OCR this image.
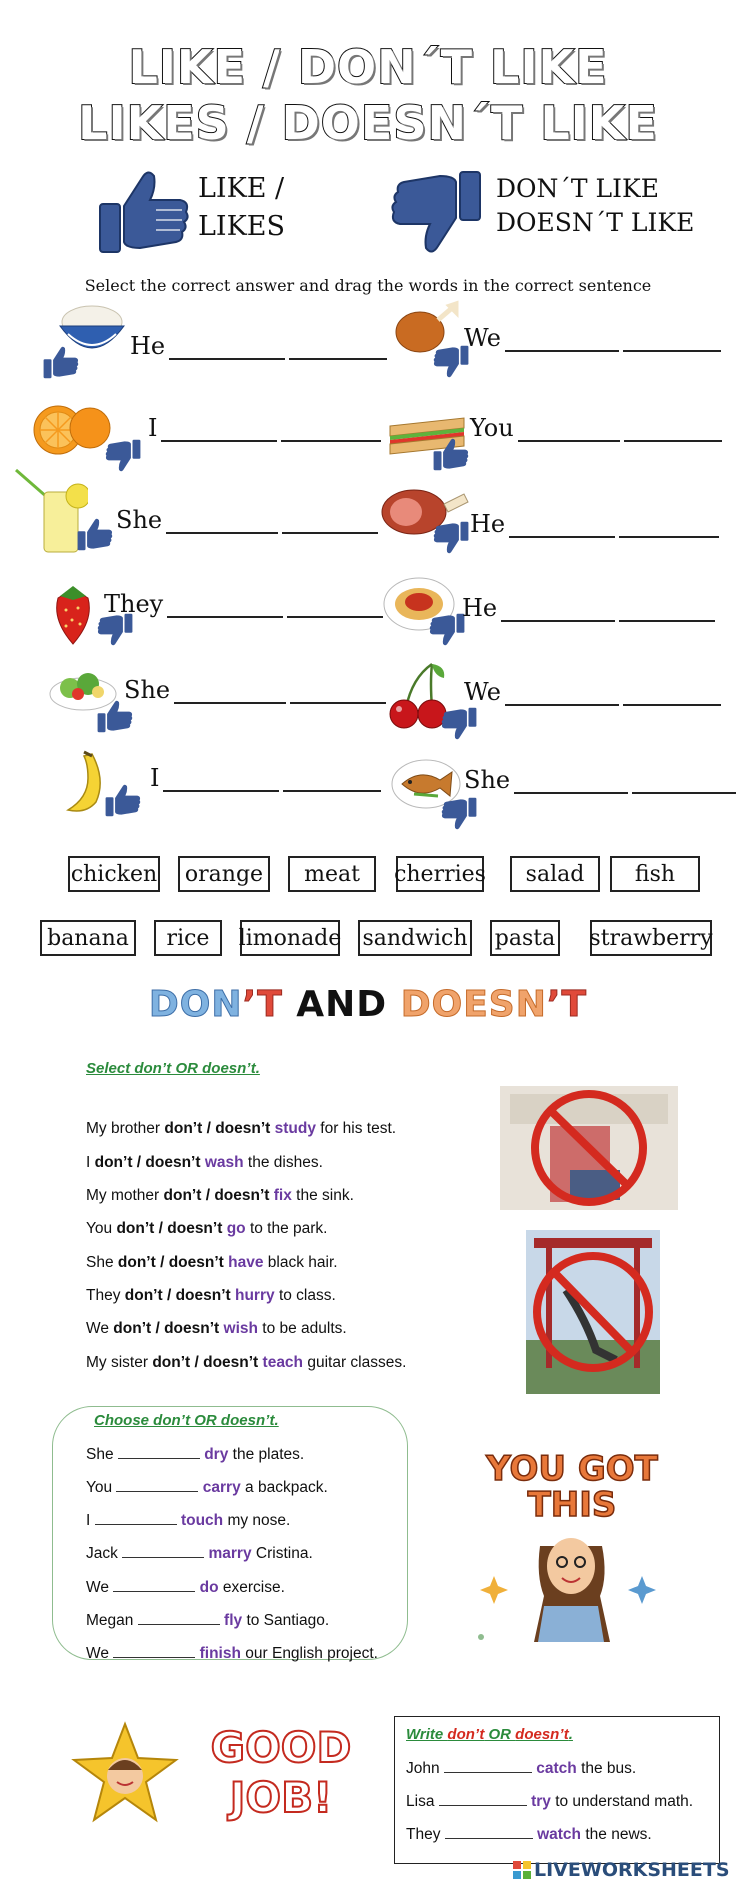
LIKE / DON´T LIKE
LIKES / DOESN´T LIKE
LIKE /
LIKES
DON´T LIKE
DOESN´T LIKE
Select the correct answer and drag the words in the correct sentence
He	We
I	You
She	He
They	He
She	We
I	She
chicken	orange	meat	cherries	salad	fish
banana	rice	limonade sandwich pasta strawberry
DON’T AND DOESN’T
Select don’t OR doesn’t.
My brother don’t / doesn’t study for his test.
I don’t / doesn’t wash the dishes.
My mother don’t / doesn’t fix the sink.
You don’t / doesn’t go to the park.
She don’t / doesn’t have black hair.
They don’t / doesn’t hurry to class.
We don’t / doesn’t wish to be adults.
My sister don’t / doesn’t teach guitar classes.
Choose don’t OR doesn’t.
She	dry the plates.
You	carry a backpack.
I	touch my nose.
Jack	marry Cristina.
We	do exercise.
Megan	fly to Santiago.
We	finish our English project.
YOU GOT
THIS
GOOD
JOB!
Write don’t OR doesn’t.
John	catch the bus.
Lisa	try to understand math.
They	watch the news.
LIVEWORKSHEETS
